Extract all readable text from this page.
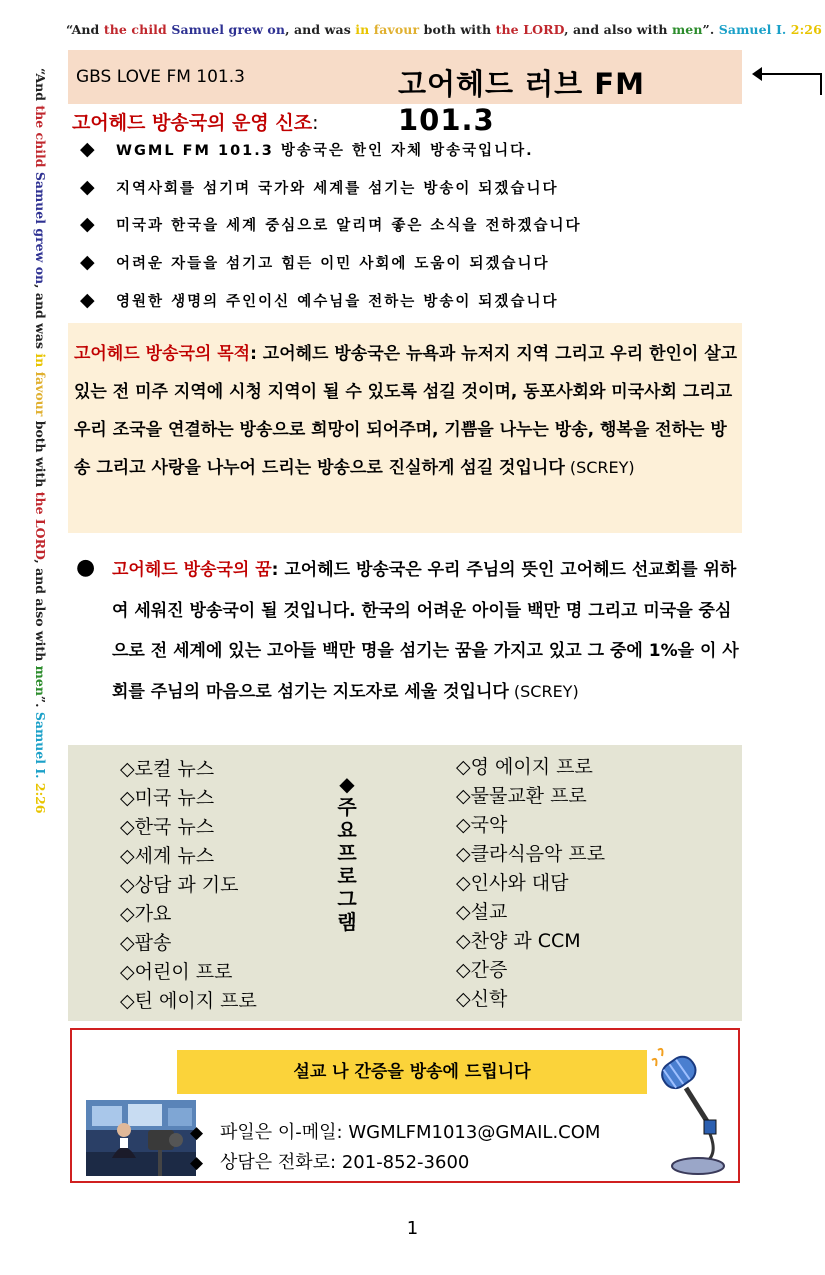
“And the child Samuel grew on, and was in favour both with the LORD, and also with men”. Samuel I. 2:26
“And the child Samuel grew on, and was in favour both with the LORD, and also with men”. Samuel I. 2:26
GBS LOVE FM 101.3	고어헤드 러브 FM 101.3
고어헤드 방송국의 운영 신조:
◆ WGML FM 101.3 방송국은 한인 자체 방송국입니다.
◆ 지역사회를 섬기며 국가와 세계를 섬기는 방송이 되겠습니다
◆ 미국과 한국을 세계 중심으로 알리며 좋은 소식을 전하겠습니다
◆ 어려운 자들을 섬기고 힘든 이민 사회에 도움이 되겠습니다
◆ 영원한 생명의 주인이신 예수님을 전하는 방송이 되겠습니다
고어헤드 방송국의 목적: 고어헤드 방송국은 뉴욕과 뉴저지 지역 그리고 우리 한인이 살고 있는 전 미주 지역에 시청 지역이 될 수 있도록 섬길 것이며, 동포사회와 미국사회 그리고 우리 조국을 연결하는 방송으로 희망이 되어주며, 기쁨을 나누는 방송, 행복을 전하는 방송 그리고 사랑을 나누어 드리는 방송으로 진실하게 섬길 것입니다 (SCREY)
● 고어헤드 방송국의 꿈: 고어헤드 방송국은 우리 주님의 뜻인 고어헤드 선교회를 위하여 세워진 방송국이 될 것입니다. 한국의 어려운 아이들 백만 명 그리고 미국을 중심으로 전 세계에 있는 고아들 백만 명을 섬기는 꿈을 가지고 있고 그 중에 1%을 이 사회를 주님의 마음으로 섬기는 지도자로 세울 것입니다 (SCREY)
◇로컬 뉴스
◇미국 뉴스
◇한국 뉴스
◇세계 뉴스
◇상담 과 기도
◇가요
◇팝송
◇어린이 프로
◇틴 에이지 프로
◆주요프로그램
◇영 에이지 프로
◇물물교환 프로
◇국악
◇클라식음악 프로
◇인사와 대담
◇설교
◇찬양 과 CCM
◇간증
◇신학
설교 나 간증을 방송에 드립니다
◆ 파일은 이-메일: WGMLFM1013@GMAIL.COM
◆ 상담은 전화로: 201-852-3600
1
